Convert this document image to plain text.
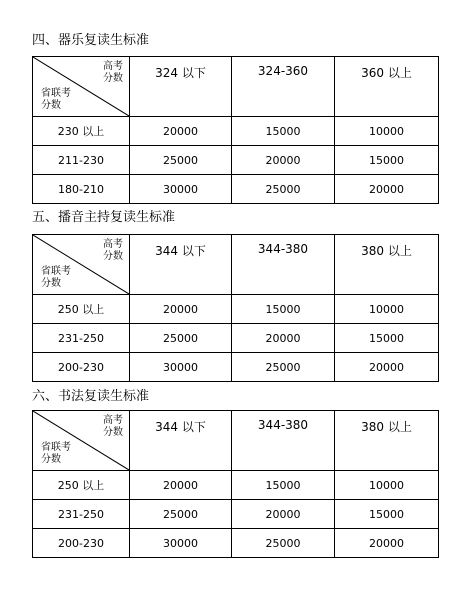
四、器乐复读生标准
高考
分数
省联考
分数	324 以下	324-360	360 以上
230 以上	20000	15000	10000
211-230	25000	20000	15000
180-210	30000	25000	20000
五、播音主持复读生标准
高考
分数
省联考
分数	344 以下	344-380	380 以上
250 以上	20000	15000	10000
231-250	25000	20000	15000
200-230	30000	25000	20000
六、书法复读生标准
高考
分数
省联考
分数	344 以下	344-380	380 以上
250 以上	20000	15000	10000
231-250	25000	20000	15000
200-230	30000	25000	20000
